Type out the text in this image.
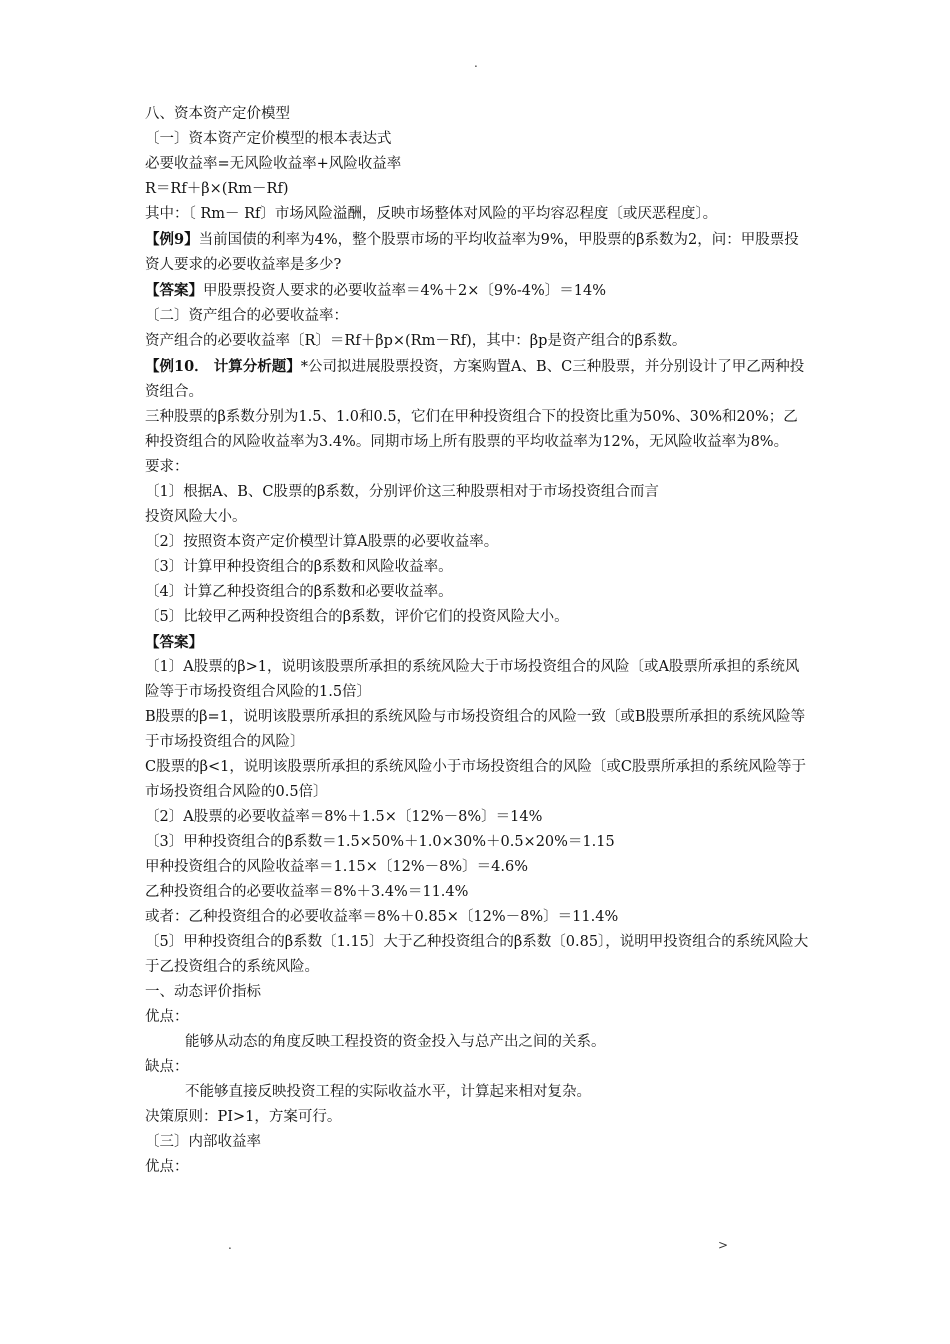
.
八、资本资产定价模型
〔一〕资本资产定价模型的根本表达式
必要收益率=无风险收益率+风险收益率
R＝Rf＋β×(Rm－Rf)
其中：〔 Rm－ Rf〕市场风险溢酬，反映市场整体对风险的平均容忍程度〔或厌恶程度〕。
【例9】当前国债的利率为4%，整个股票市场的平均收益率为9%，甲股票的β系数为2，问：甲股票投资人要求的必要收益率是多少?
【答案】甲股票投资人要求的必要收益率＝4%＋2×〔9%-4%〕＝14%
〔二〕资产组合的必要收益率：
资产组合的必要收益率〔R〕＝Rf＋βp×(Rm－Rf)，其中：βp是资产组合的β系数。
【例10． 计算分析题】*公司拟进展股票投资，方案购置A、B、C三种股票，并分别设计了甲乙两种投资组合。
三种股票的β系数分别为1.5、1.0和0.5，它们在甲种投资组合下的投资比重为50%、30%和20%；乙种投资组合的风险收益率为3.4%。同期市场上所有股票的平均收益率为12%，无风险收益率为8%。
要求：
〔1〕根据A、B、C股票的β系数，分别评价这三种股票相对于市场投资组合而言
投资风险大小。
〔2〕按照资本资产定价模型计算A股票的必要收益率。
〔3〕计算甲种投资组合的β系数和风险收益率。
〔4〕计算乙种投资组合的β系数和必要收益率。
〔5〕比较甲乙两种投资组合的β系数，评价它们的投资风险大小。
【答案】
〔1〕A股票的β>1，说明该股票所承担的系统风险大于市场投资组合的风险〔或A股票所承担的系统风险等于市场投资组合风险的1.5倍〕
B股票的β=1，说明该股票所承担的系统风险与市场投资组合的风险一致〔或B股票所承担的系统风险等于市场投资组合的风险〕
C股票的β<1，说明该股票所承担的系统风险小于市场投资组合的风险〔或C股票所承担的系统风险等于市场投资组合风险的0.5倍〕
〔2〕A股票的必要收益率＝8%＋1.5×〔12%－8%〕＝14%
〔3〕甲种投资组合的β系数＝1.5×50%＋1.0×30%＋0.5×20%＝1.15
甲种投资组合的风险收益率＝1.15×〔12%－8%〕＝4.6%
乙种投资组合的必要收益率＝8%＋3.4%＝11.4%
或者：乙种投资组合的必要收益率＝8%＋0.85×〔12%－8%〕＝11.4%
〔5〕甲种投资组合的β系数〔1.15〕大于乙种投资组合的β系数〔0.85〕，说明甲投资组合的系统风险大于乙投资组合的系统风险。
一、动态评价指标
优点：
能够从动态的角度反映工程投资的资金投入与总产出之间的关系。
缺点：
不能够直接反映投资工程的实际收益水平，计算起来相对复杂。
决策原则：PI>1，方案可行。
〔三〕内部收益率
优点：
.	>
